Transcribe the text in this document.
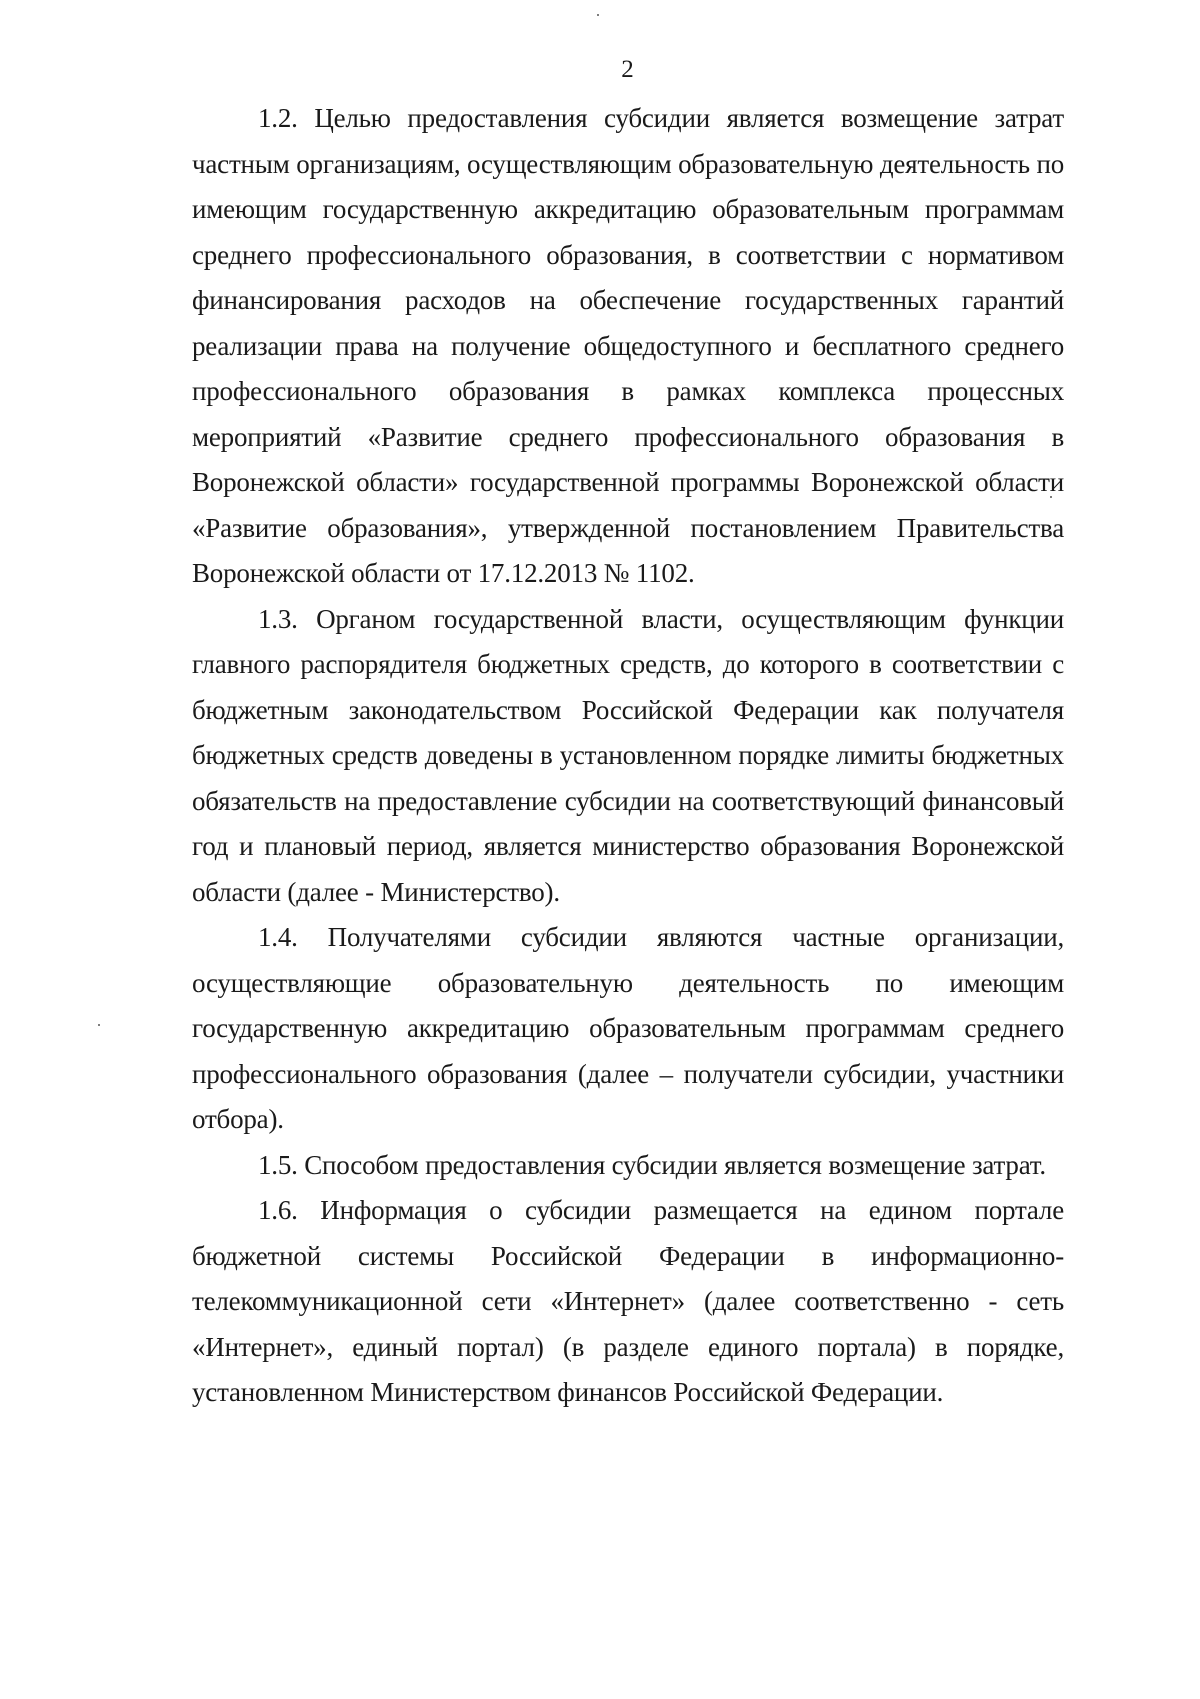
2
1.2. Целью предоставления субсидии является возмещение затрат
частным организациям, осуществляющим образовательную деятельность по
имеющим государственную аккредитацию образовательным программам
среднего профессионального образования, в соответствии с нормативом
финансирования расходов на обеспечение государственных гарантий
реализации права на получение общедоступного и бесплатного среднего
профессионального образования в рамках комплекса процессных
мероприятий «Развитие среднего профессионального образования в
Воронежской области» государственной программы Воронежской области
«Развитие образования», утвержденной постановлением Правительства
Воронежской области от 17.12.2013 № 1102.
1.3. Органом государственной власти, осуществляющим функции
главного распорядителя бюджетных средств, до которого в соответствии с
бюджетным законодательством Российской Федерации как получателя
бюджетных средств доведены в установленном порядке лимиты бюджетных
обязательств на предоставление субсидии на соответствующий финансовый
год и плановый период, является министерство образования Воронежской
области (далее - Министерство).
1.4. Получателями субсидии являются частные организации,
осуществляющие образовательную деятельность по имеющим
государственную аккредитацию образовательным программам среднего
профессионального образования (далее – получатели субсидии, участники
отбора).
1.5. Способом предоставления субсидии является возмещение затрат.
1.6. Информация о субсидии размещается на едином портале
бюджетной системы Российской Федерации в информационно-
телекоммуникационной сети «Интернет» (далее соответственно - сеть
«Интернет», единый портал) (в разделе единого портала) в порядке,
установленном Министерством финансов Российской Федерации.
